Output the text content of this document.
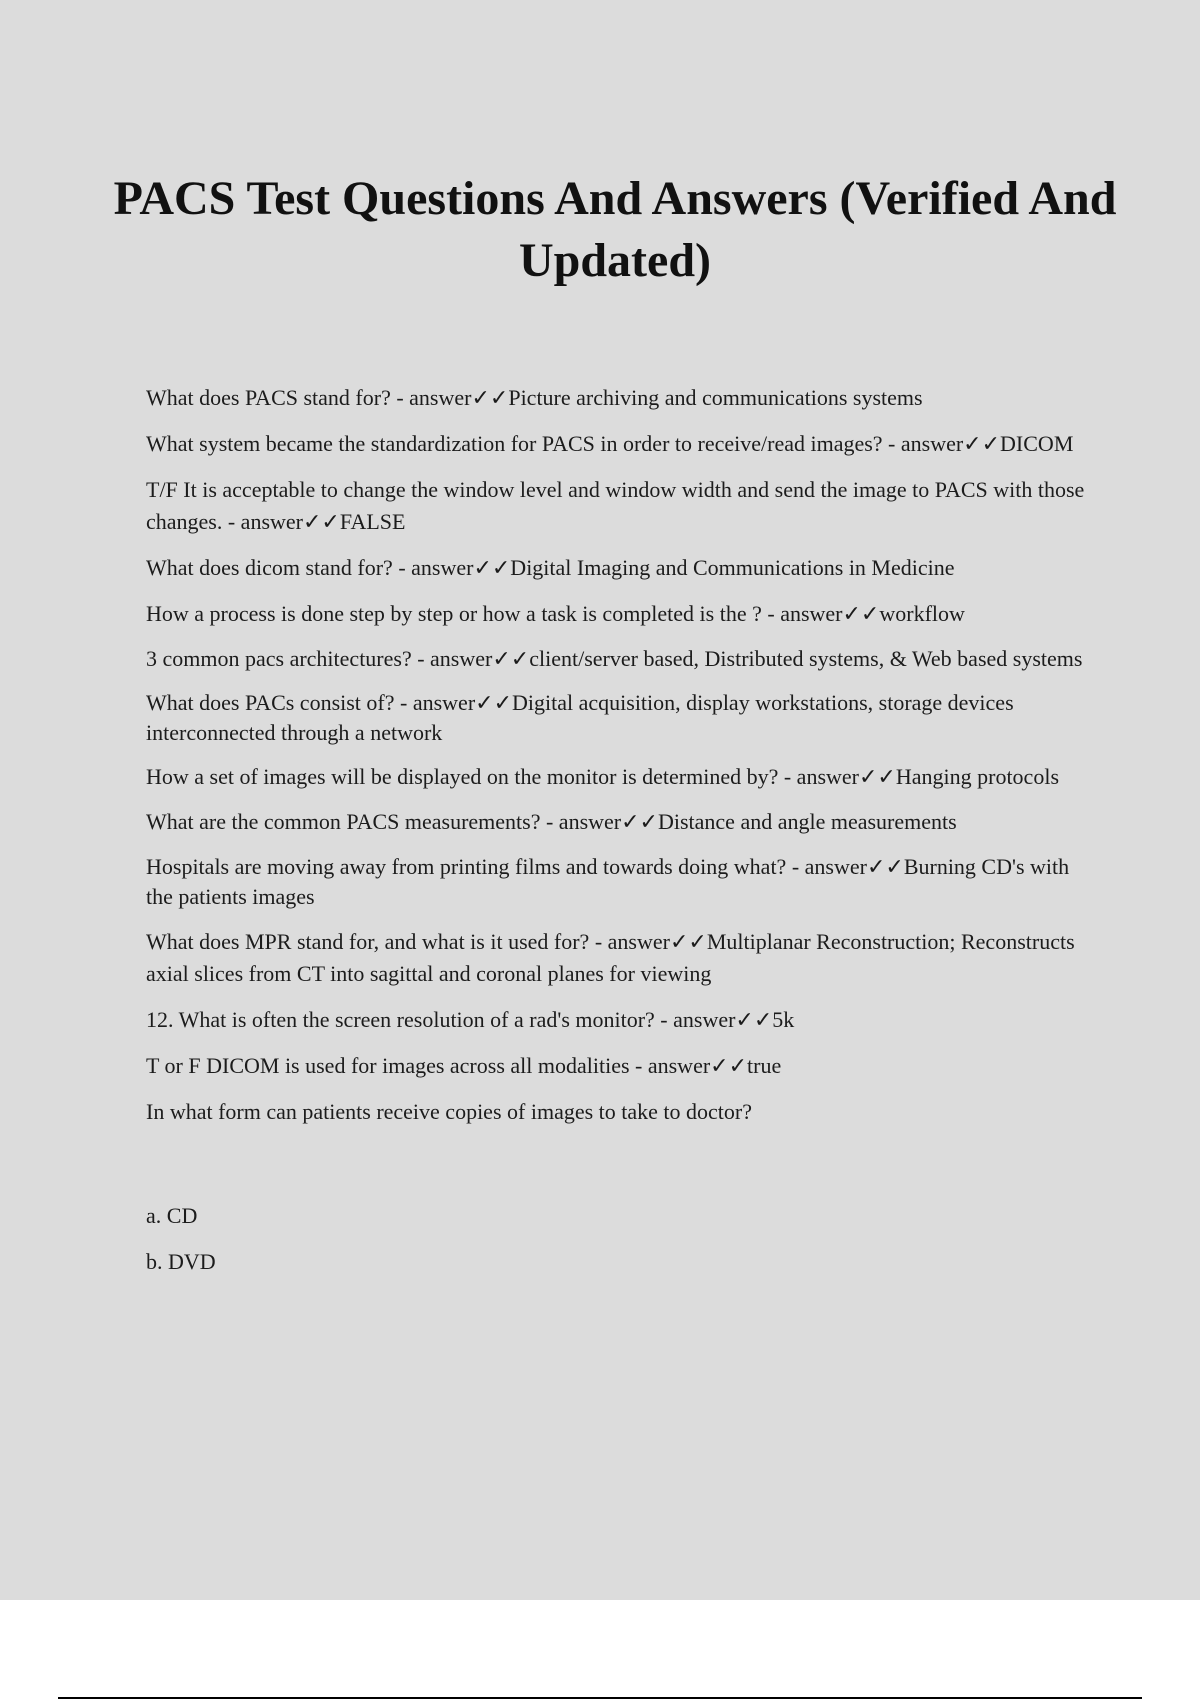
PACS Test Questions And Answers (Verified And Updated)

What does PACS stand for? - answer✓✓Picture archiving and communications systems

What system became the standardization for PACS in order to receive/read images? - answer✓✓DICOM

T/F It is acceptable to change the window level and window width and send the image to PACS with those changes. - answer✓✓FALSE

What does dicom stand for? - answer✓✓Digital Imaging and Communications in Medicine

How a process is done step by step or how a task is completed is the ? - answer✓✓workflow

3 common pacs architectures? - answer✓✓client/server based, Distributed systems, & Web based systems

What does PACs consist of? - answer✓✓Digital acquisition, display workstations, storage devices interconnected through a network

How a set of images will be displayed on the monitor is determined by? - answer✓✓Hanging protocols

What are the common PACS measurements? - answer✓✓Distance and angle measurements

Hospitals are moving away from printing films and towards doing what? - answer✓✓Burning CD's with the patients images

What does MPR stand for, and what is it used for? - answer✓✓Multiplanar Reconstruction; Reconstructs axial slices from CT into sagittal and coronal planes for viewing

12. What is often the screen resolution of a rad's monitor? - answer✓✓5k

T or F DICOM is used for images across all modalities - answer✓✓true

In what form can patients receive copies of images to take to doctor?

a. CD

b. DVD
